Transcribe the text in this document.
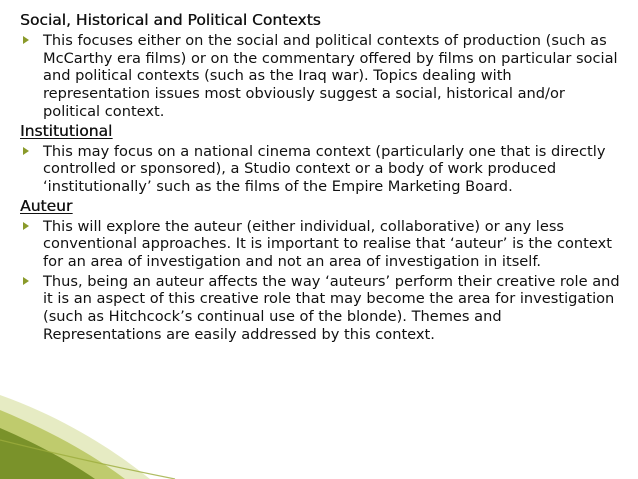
Social, Historical and Political Contexts
This focuses either on the social and political contexts of production (such as McCarthy era films) or on the commentary offered by films on particular social and political contexts (such as the Iraq war). Topics dealing with representation issues most obviously suggest a social, historical and/or political context.
Institutional
This may focus on a national cinema context (particularly one that is directly controlled or sponsored), a Studio context or a body of work produced ‘institutionally’ such as the films of the Empire Marketing Board.
Auteur
This will explore the auteur (either individual, collaborative) or any less conventional approaches. It is important to realise that ‘auteur’ is the context for an area of investigation and not an area of investigation in itself.
Thus, being an auteur affects the way ‘auteurs’ perform their creative role and it is an aspect of this creative role that may become the area for investigation (such as Hitchcock’s continual use of the blonde). Themes and Representations are easily addressed by this context.
